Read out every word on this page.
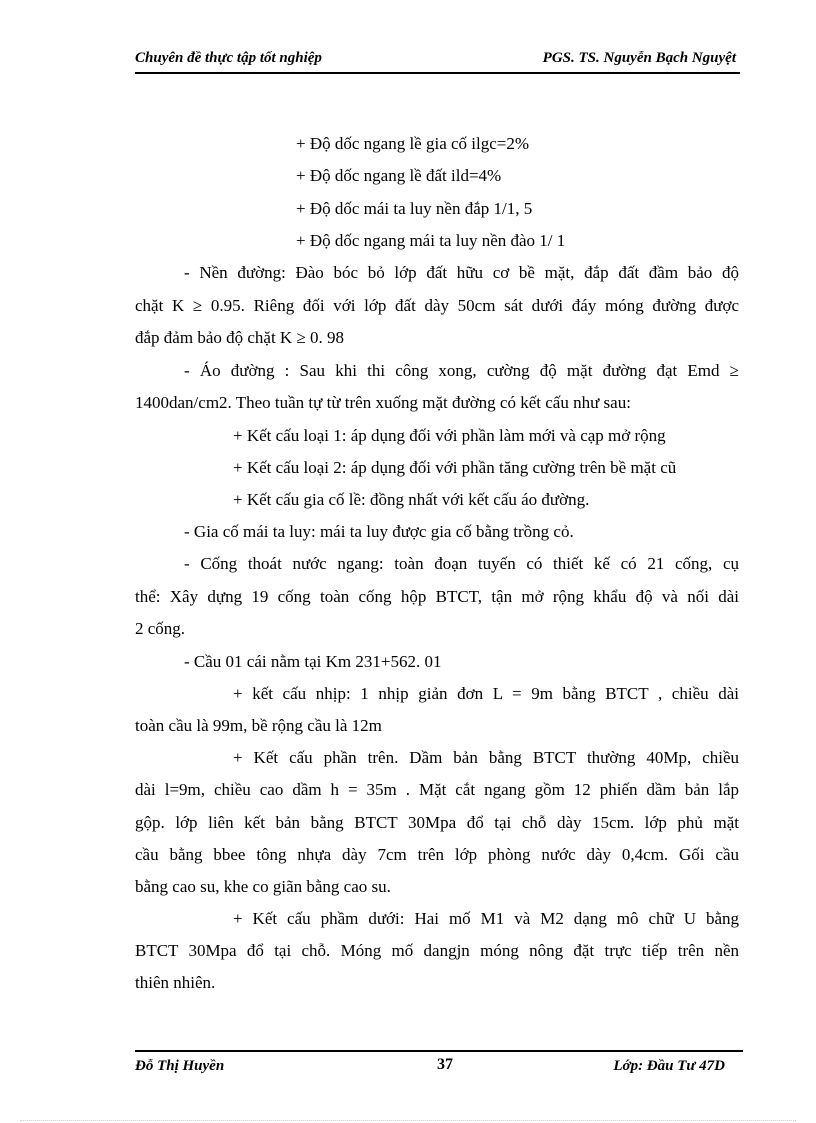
Chuyên đề thực tập tốt nghiệp	PGS. TS. Nguyễn Bạch Nguyệt
+ Độ dốc ngang lề gia cố ilgc=2%
+ Độ dốc ngang lề đất ild=4%
+ Độ dốc mái ta luy nền đắp 1/1, 5
+ Độ dốc ngang mái ta luy nền đào 1/ 1
- Nền đường: Đào bóc bỏ lớp đất hữu cơ bề mặt, đắp đất đầm bảo độ
chặt K ≥ 0.95. Riêng đối với lớp đất dày 50cm sát dưới đáy móng đường được
đắp đảm bảo độ chặt K ≥ 0. 98
- Áo đường : Sau khi thi công xong, cường độ mặt đường đạt Emd ≥
1400dan/cm2. Theo tuần tự từ trên xuống mặt đường có kết cấu như sau:
+ Kết cấu loại 1: áp dụng đối với phần làm mới và cạp mở rộng
+ Kết cấu loại 2: áp dụng đối với phần tăng cường trên bề mặt cũ
+ Kết cấu gia cố lề: đồng nhất với kết cấu áo đường.
- Gia cố mái ta luy: mái ta luy được gia cố bằng trồng cỏ.
- Cống thoát nước ngang: toàn đoạn tuyến có thiết kế có 21 cống, cụ
thể: Xây dựng 19 cống toàn cống hộp BTCT, tận mở rộng khẩu độ và nối dài
2 cống.
- Cầu 01 cái nằm tại Km 231+562. 01
+ kết cấu nhịp: 1 nhịp giản đơn L = 9m bằng BTCT , chiều dài
toàn cầu là 99m, bề rộng cầu là 12m
+ Kết cấu phần trên. Dầm bản bằng BTCT thường 40Mp, chiều
dài l=9m, chiều cao dầm h = 35m . Mặt cắt ngang gồm 12 phiến dầm bản lắp
gộp. lớp liên kết bản bằng BTCT 30Mpa đổ tại chỗ dày 15cm. lớp phủ mặt
cầu bằng bbee tông nhựa dày 7cm trên lớp phòng nước dày 0,4cm. Gối cầu
bằng cao su, khe co giãn bằng cao su.
+ Kết cấu phầm dưới: Hai mố M1 và M2 dạng mô chữ U bằng
BTCT 30Mpa đổ tại chỗ. Móng mố dangjn móng nông đặt trực tiếp trên nền
thiên nhiên.
Đỗ Thị Huyền	37	Lớp: Đầu Tư 47D
